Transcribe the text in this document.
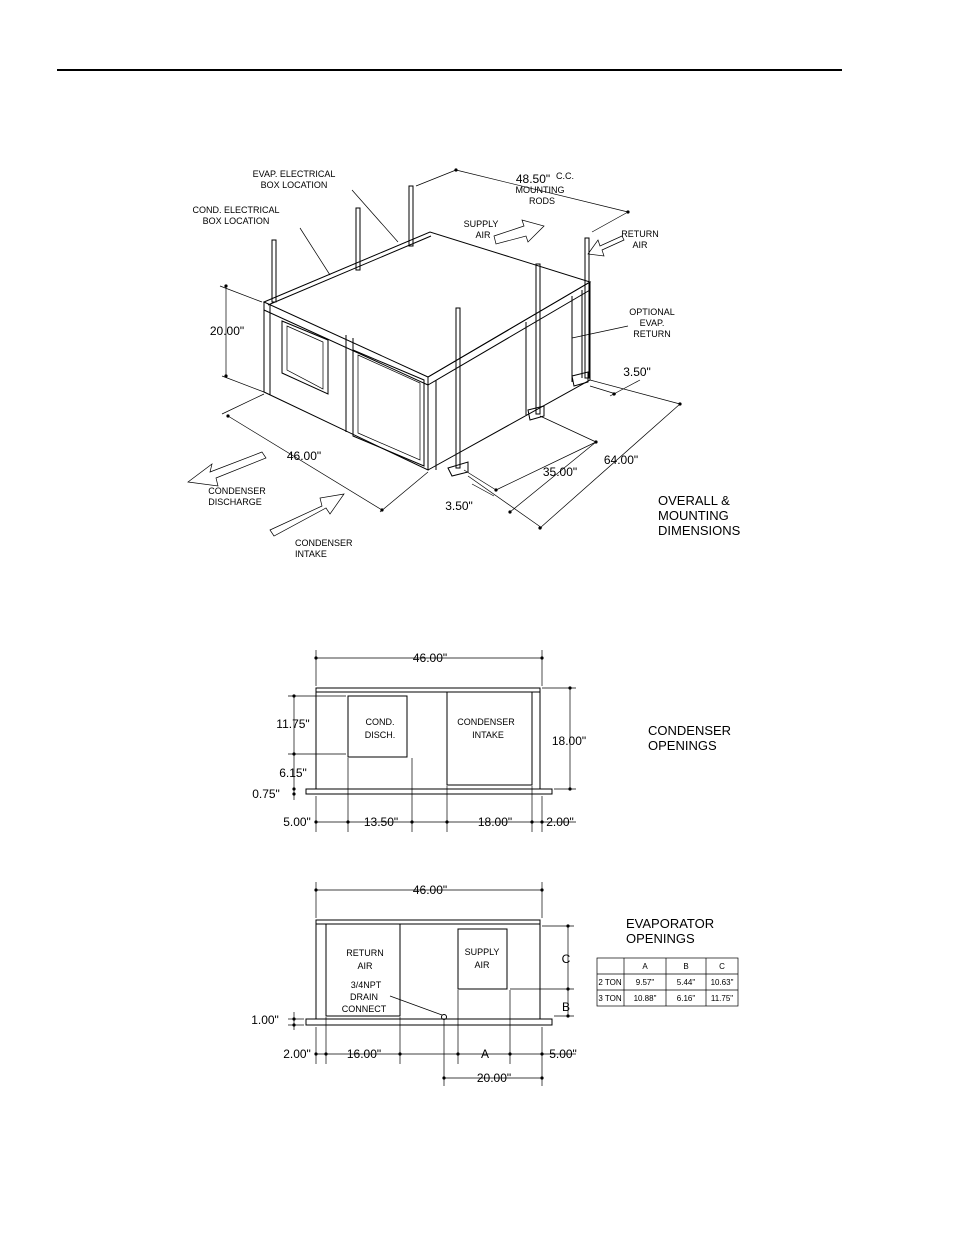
EVAP. ELECTRICAL
BOX LOCATION
COND. ELECTRICAL
BOX LOCATION
48.50" C.C.
MOUNTING
RODS
SUPPLY
AIR	RETURN
AIR
OPTIONAL
EVAP.
RETURN
20.00"
46.00"
35.00"
64.00"
3.50"
3.50"
CONDENSER
DISCHARGE
CONDENSER
INTAKE
OVERALL &
MOUNTING
DIMENSIONS
46.00"
11.75"
6.15"
0.75"
18.00"
COND.
DISCH.
CONDENSER
INTAKE
5.00"	13.50"	18.00"	2.00"
CONDENSER
OPENINGS
46.00"
RETURN
AIR
SUPPLY
AIR
3/4NPT
DRAIN
CONNECT
C
B
1.00"
2.00"	16.00"	A	5.00"
20.00"
EVAPORATOR
OPENINGS
A	B	C
2 TON 9.57"	5.44" 10.63"
3 TON 10.88"	6.16" 11.75"
